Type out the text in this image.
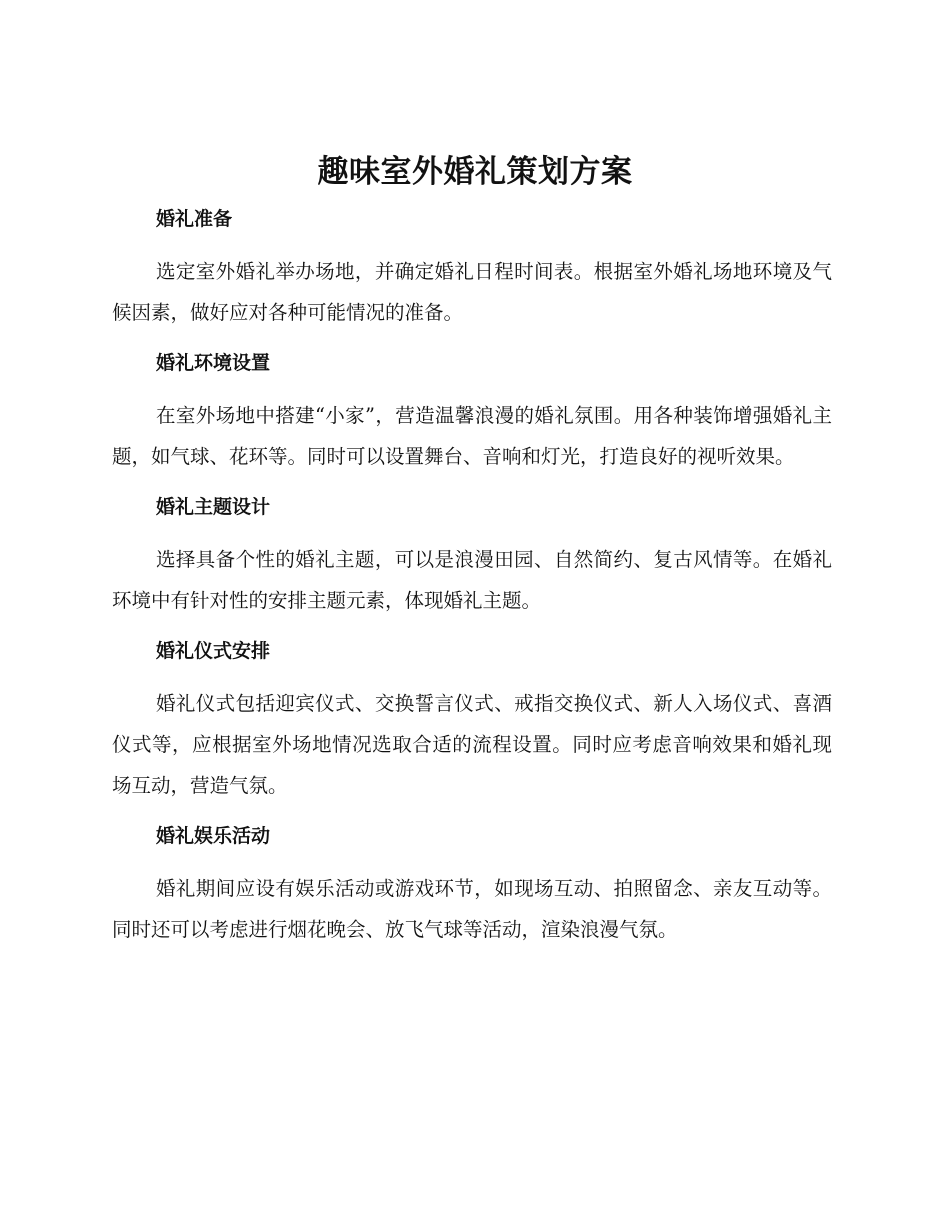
趣味室外婚礼策划方案
婚礼准备

选定室外婚礼举办场地，并确定婚礼日程时间表。根据室外婚礼场地环境及气候因素，做好应对各种可能情况的准备。

婚礼环境设置

在室外场地中搭建“小家”，营造温馨浪漫的婚礼氛围。用各种装饰增强婚礼主题，如气球、花环等。同时可以设置舞台、音响和灯光，打造良好的视听效果。

婚礼主题设计

选择具备个性的婚礼主题，可以是浪漫田园、自然简约、复古风情等。在婚礼环境中有针对性的安排主题元素，体现婚礼主题。

婚礼仪式安排

婚礼仪式包括迎宾仪式、交换誓言仪式、戒指交换仪式、新人入场仪式、喜酒仪式等，应根据室外场地情况选取合适的流程设置。同时应考虑音响效果和婚礼现场互动，营造气氛。

婚礼娱乐活动

婚礼期间应设有娱乐活动或游戏环节，如现场互动、拍照留念、亲友互动等。同时还可以考虑进行烟花晚会、放飞气球等活动，渲染浪漫气氛。
